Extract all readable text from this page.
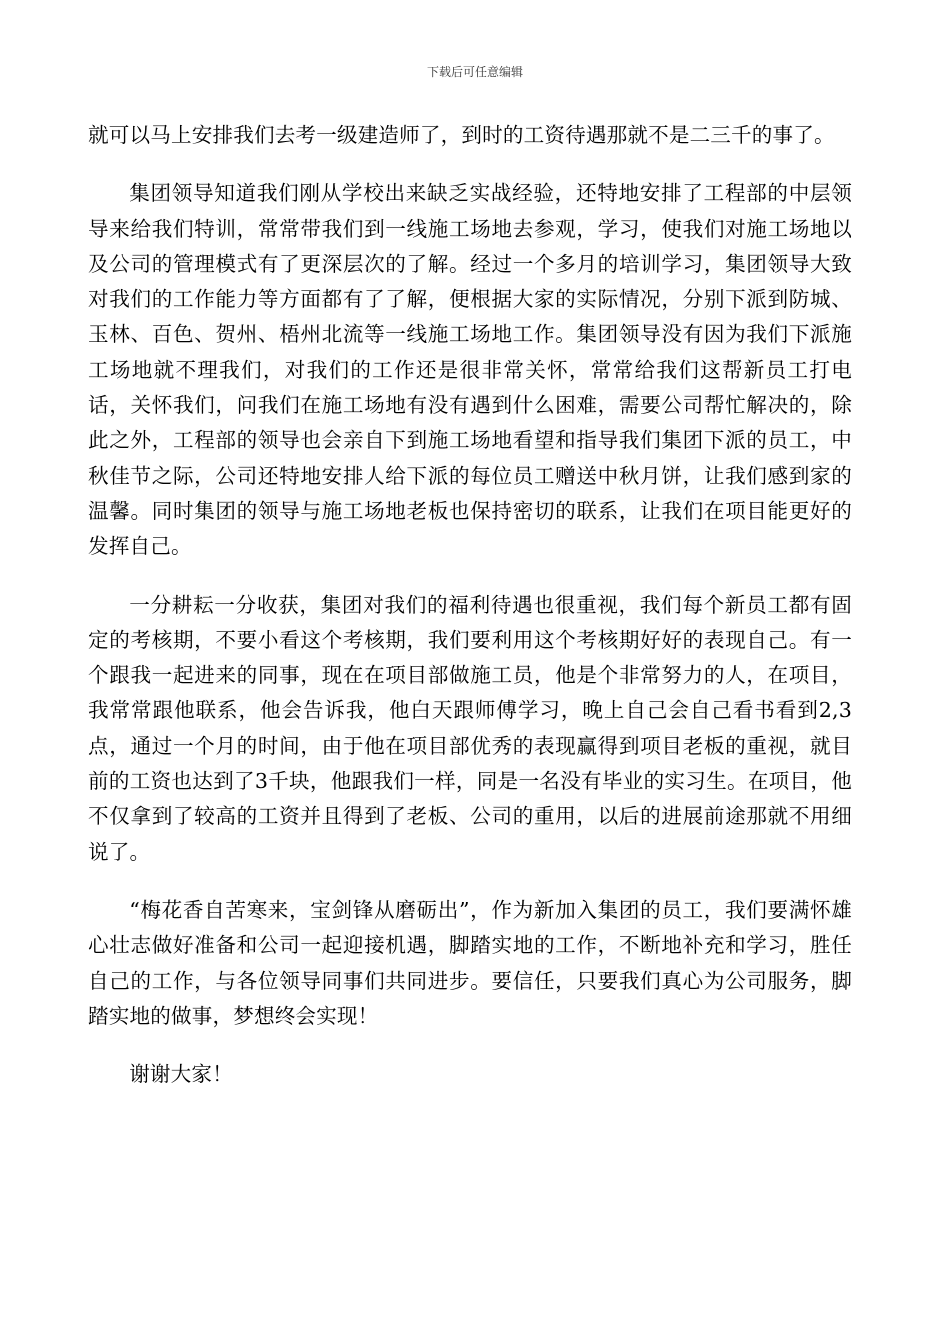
下载后可任意编辑

就可以马上安排我们去考一级建造师了，到时的工资待遇那就不是二三千的事了。

集团领导知道我们刚从学校出来缺乏实战经验，还特地安排了工程部的中层领导来给我们特训，常常带我们到一线施工场地去参观，学习，使我们对施工场地以及公司的管理模式有了更深层次的了解。经过一个多月的培训学习，集团领导大致对我们的工作能力等方面都有了了解，便根据大家的实际情况，分别下派到防城、玉林、百色、贺州、梧州北流等一线施工场地工作。集团领导没有因为我们下派施工场地就不理我们，对我们的工作还是很非常关怀，常常给我们这帮新员工打电话，关怀我们，问我们在施工场地有没有遇到什么困难，需要公司帮忙解决的，除此之外，工程部的领导也会亲自下到施工场地看望和指导我们集团下派的员工，中秋佳节之际，公司还特地安排人给下派的每位员工赠送中秋月饼，让我们感到家的温馨。同时集团的领导与施工场地老板也保持密切的联系，让我们在项目能更好的发挥自己。

一分耕耘一分收获，集团对我们的福利待遇也很重视，我们每个新员工都有固定的考核期，不要小看这个考核期，我们要利用这个考核期好好的表现自己。有一个跟我一起进来的同事，现在在项目部做施工员，他是个非常努力的人，在项目，我常常跟他联系，他会告诉我，他白天跟师傅学习，晚上自己会自己看书看到2,3点，通过一个月的时间，由于他在项目部优秀的表现赢得到项目老板的重视，就目前的工资也达到了3千块，他跟我们一样，同是一名没有毕业的实习生。在项目，他不仅拿到了较高的工资并且得到了老板、公司的重用，以后的进展前途那就不用细说了。

“梅花香自苦寒来，宝剑锋从磨砺出”，作为新加入集团的员工，我们要满怀雄心壮志做好准备和公司一起迎接机遇，脚踏实地的工作，不断地补充和学习，胜任自己的工作，与各位领导同事们共同进步。要信任，只要我们真心为公司服务，脚踏实地的做事，梦想终会实现！

谢谢大家！
